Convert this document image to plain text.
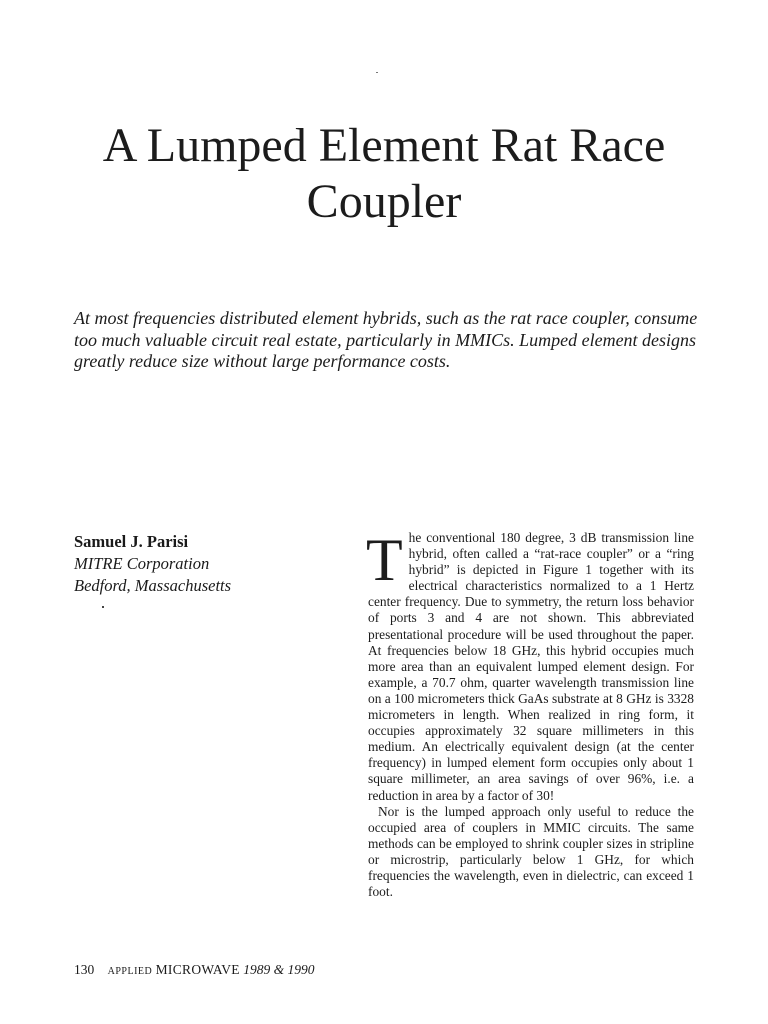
A Lumped Element Rat Race Coupler

At most frequencies distributed element hybrids, such as the rat race coupler, consume too much valuable circuit real estate, particularly in MMICs. Lumped element designs greatly reduce size without large performance costs.

Samuel J. Parisi

MITRE Corporation

Bedford, Massachusetts	The conventional 180 degree, 3 dB transmission line hybrid, often called a “rat-race coupler” or a “ring hybrid” is depicted in Figure 1 together with its electrical characteristics normalized to a 1 Hertz center frequency. Due to symmetry, the return loss behavior of ports 3 and 4 are not shown. This abbreviated presentational procedure will be used throughout the paper. At frequencies below 18 GHz, this hybrid occupies much more area than an equivalent lumped element design. For example, a 70.7 ohm, quarter wavelength transmission line on a 100 micrometers thick GaAs substrate at 8 GHz is 3328 micrometers in length. When realized in ring form, it occupies approximately 32 square millimeters in this medium. An electrically equivalent design (at the center frequency) in lumped element form occupies only about 1 square millimeter, an area savings of over 96%, i.e. a reduction in area by a factor of 30!

Nor is the lumped approach only useful to reduce the occupied area of couplers in MMIC circuits. The same methods can be employed to shrink coupler sizes in stripline or microstrip, particularly below 1 GHz, for which frequencies the wavelength, even in dielectric, can exceed 1 foot.

130 APPLIED MICROWAVE 1989 & 1990
